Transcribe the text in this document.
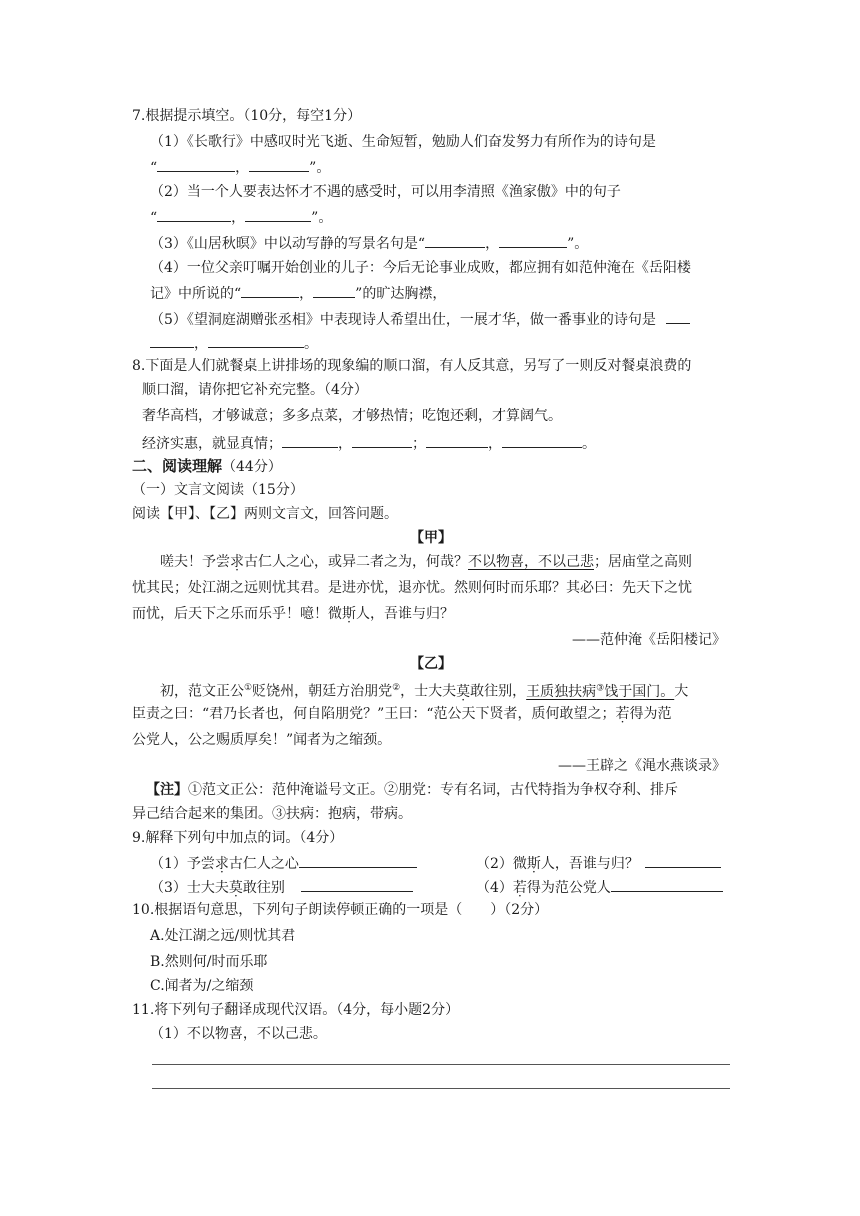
7.根据提示填空。（10分，每空1分）
（1）《长歌行》中感叹时光飞逝、生命短暂，勉励人们奋发努力有所作为的诗句是
“	，	”。
（2）当一个人要表达怀才不遇的感受时，可以用李清照《渔家傲》中的句子
“	，	”。
（3）《山居秋暝》中以动写静的写景名句是“	，	”。
（4）一位父亲叮嘱开始创业的儿子：今后无论事业成败，都应拥有如范仲淹在《岳阳楼
记》中所说的“	，	”的旷达胸襟，
（5）《望洞庭湖赠张丞相》中表现诗人希望出仕，一展才华，做一番事业的诗句是
，	。
8.下面是人们就餐桌上讲排场的现象编的顺口溜，有人反其意，另写了一则反对餐桌浪费的
顺口溜，请你把它补充完整。（4分）
奢华高档，才够诚意；多多点菜，才够热情；吃饱还剩，才算阔气。
经济实惠，就显真情；	，	；	，	。
二、阅读理解（44分）
（一）文言文阅读（15分）
阅读【甲】、【乙】两则文言文，回答问题。
【甲】
嗟夫！予尝求古仁人之心，或异二者之为，何哉？不以物喜，不以己悲；居庙堂之高则
忧其民；处江湖之远则忧其君。是进亦忧，退亦忧。然则何时而乐耶？其必曰：先天下之忧
而忧，后天下之乐而乐乎！噫！微斯人，吾谁与归？
——范仲淹《岳阳楼记》
【乙】
初，范文正公①贬饶州，朝廷方治朋党②，士大夫莫敢往别，王质独扶病③饯于国门。大
臣责之曰：“君乃长者也，何自陷朋党？”王曰：“范公天下贤者，质何敢望之；若得为范
公党人，公之赐质厚矣！”闻者为之缩颈。
——王辟之《渑水燕谈录》
【注】①范文正公：范仲淹谥号文正。②朋党：专有名词，古代特指为争权夺利、排斥
异己结合起来的集团。③扶病：抱病，带病。
9.解释下列句中加点的词。（4分）
（1）予尝求古仁人之心	（2）微斯人，吾谁与归？
（3）士大夫莫敢往别	（4）若得为范公党人
10.根据语句意思，下列句子朗读停顿正确的一项是（　　）（2分）
A.处江湖之远/则忧其君
B.然则何/时而乐耶
C.闻者为/之缩颈
11.将下列句子翻译成现代汉语。（4分，每小题2分）
（1）不以物喜，不以己悲。
